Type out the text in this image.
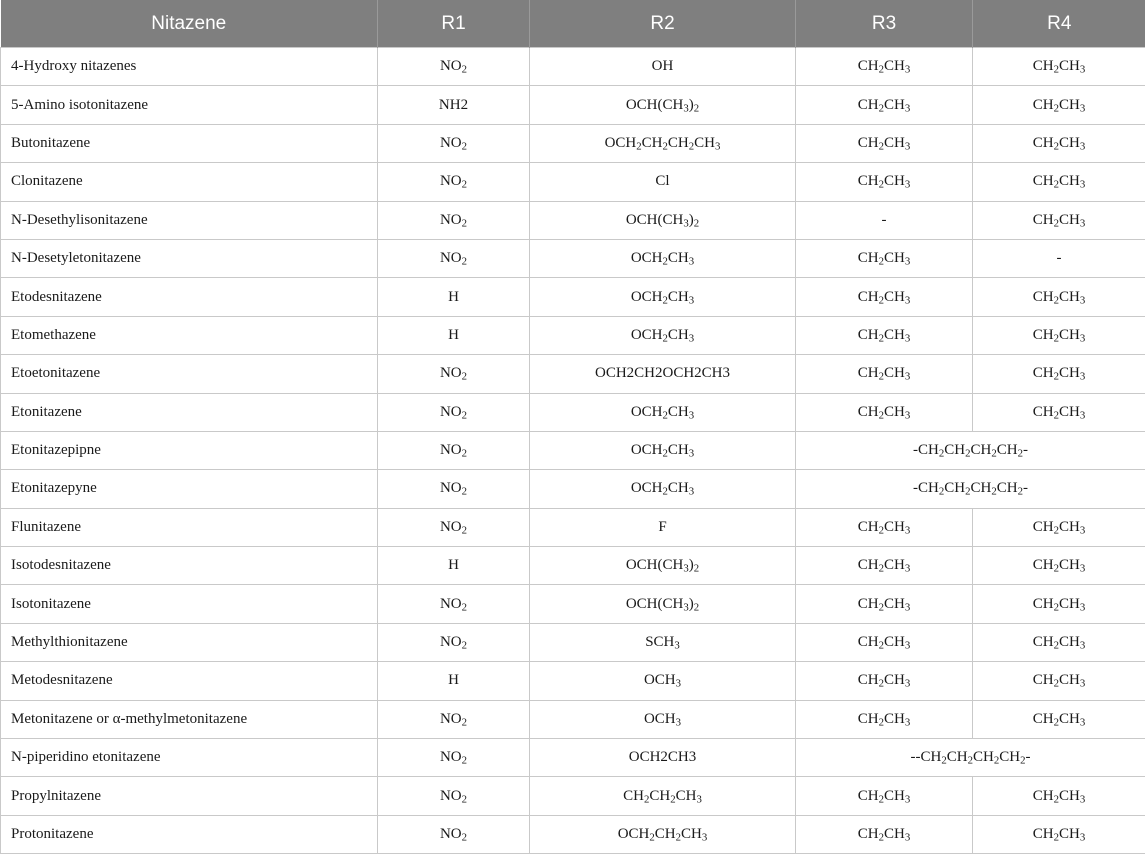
Nitazene	R1	R2	R3	R4
4-Hydroxy nitazenes	$NO_2$	OH	$CH_2CH_3$	$CH_2CH_3$
5-Amino isotonitazene	NH2	$OCH(CH_3)_2$	$CH_2CH_3$	$CH_2CH_3$
Butonitazene	$NO_2$	$OCH_2CH_2CH_2CH_3$	$CH_2CH_3$	$CH_2CH_3$
Clonitazene	$NO_2$	Cl	$CH_2CH_3$	$CH_2CH_3$
N-Desethylisonitazene	$NO_2$	$OCH(CH_3)_2$	-	$CH_2CH_3$
N-Desetyletonitazene	$NO_2$	$OCH_2CH_3$	$CH_2CH_3$	-
Etodesnitazene	H	$OCH_2CH_3$	$CH_2CH_3$	$CH_2CH_3$
Etomethazene	H	$OCH_2CH_3$	$CH_2CH_3$	$CH_2CH_3$
Etoetonitazene	$NO_2$	OCH2CH2OCH2CH3	$CH_2CH_3$	$CH_2CH_3$
Etonitazene	$NO_2$	$OCH_2CH_3$	$CH_2CH_3$	$CH_2CH_3$
Etonitazepipne	$NO_2$	$OCH_2CH_3$	$-CH_2CH_2CH_2CH_2-$	
Etonitazepyne	$NO_2$	$OCH_2CH_3$	$-CH_2CH_2CH_2CH_2-$	
Flunitazene	$NO_2$	F	$CH_2CH_3$	$CH_2CH_3$
Isotodesnitazene	H	$OCH(CH_3)_2$	$CH_2CH_3$	$CH_2CH_3$
Isotonitazene	$NO_2$	$OCH(CH_3)_2$	$CH_2CH_3$	$CH_2CH_3$
Methylthionitazene	$NO_2$	$SCH_3$	$CH_2CH_3$	$CH_2CH_3$
Metodesnitazene	H	$OCH_3$	$CH_2CH_3$	$CH_2CH_3$
Metonitazene or α-methylmetonitazene	$NO_2$	$OCH_3$	$CH_2CH_3$	$CH_2CH_3$
N-piperidino etonitazene	$NO_2$	OCH2CH3	$--CH_2CH_2CH_2CH_2-$	
Propylnitazene	$NO_2$	$CH_2CH_2CH_3$	$CH_2CH_3$	$CH_2CH_3$
Protonitazene	$NO_2$	$OCH_2CH_2CH_3$	$CH_2CH_3$	$CH_2CH_3$
